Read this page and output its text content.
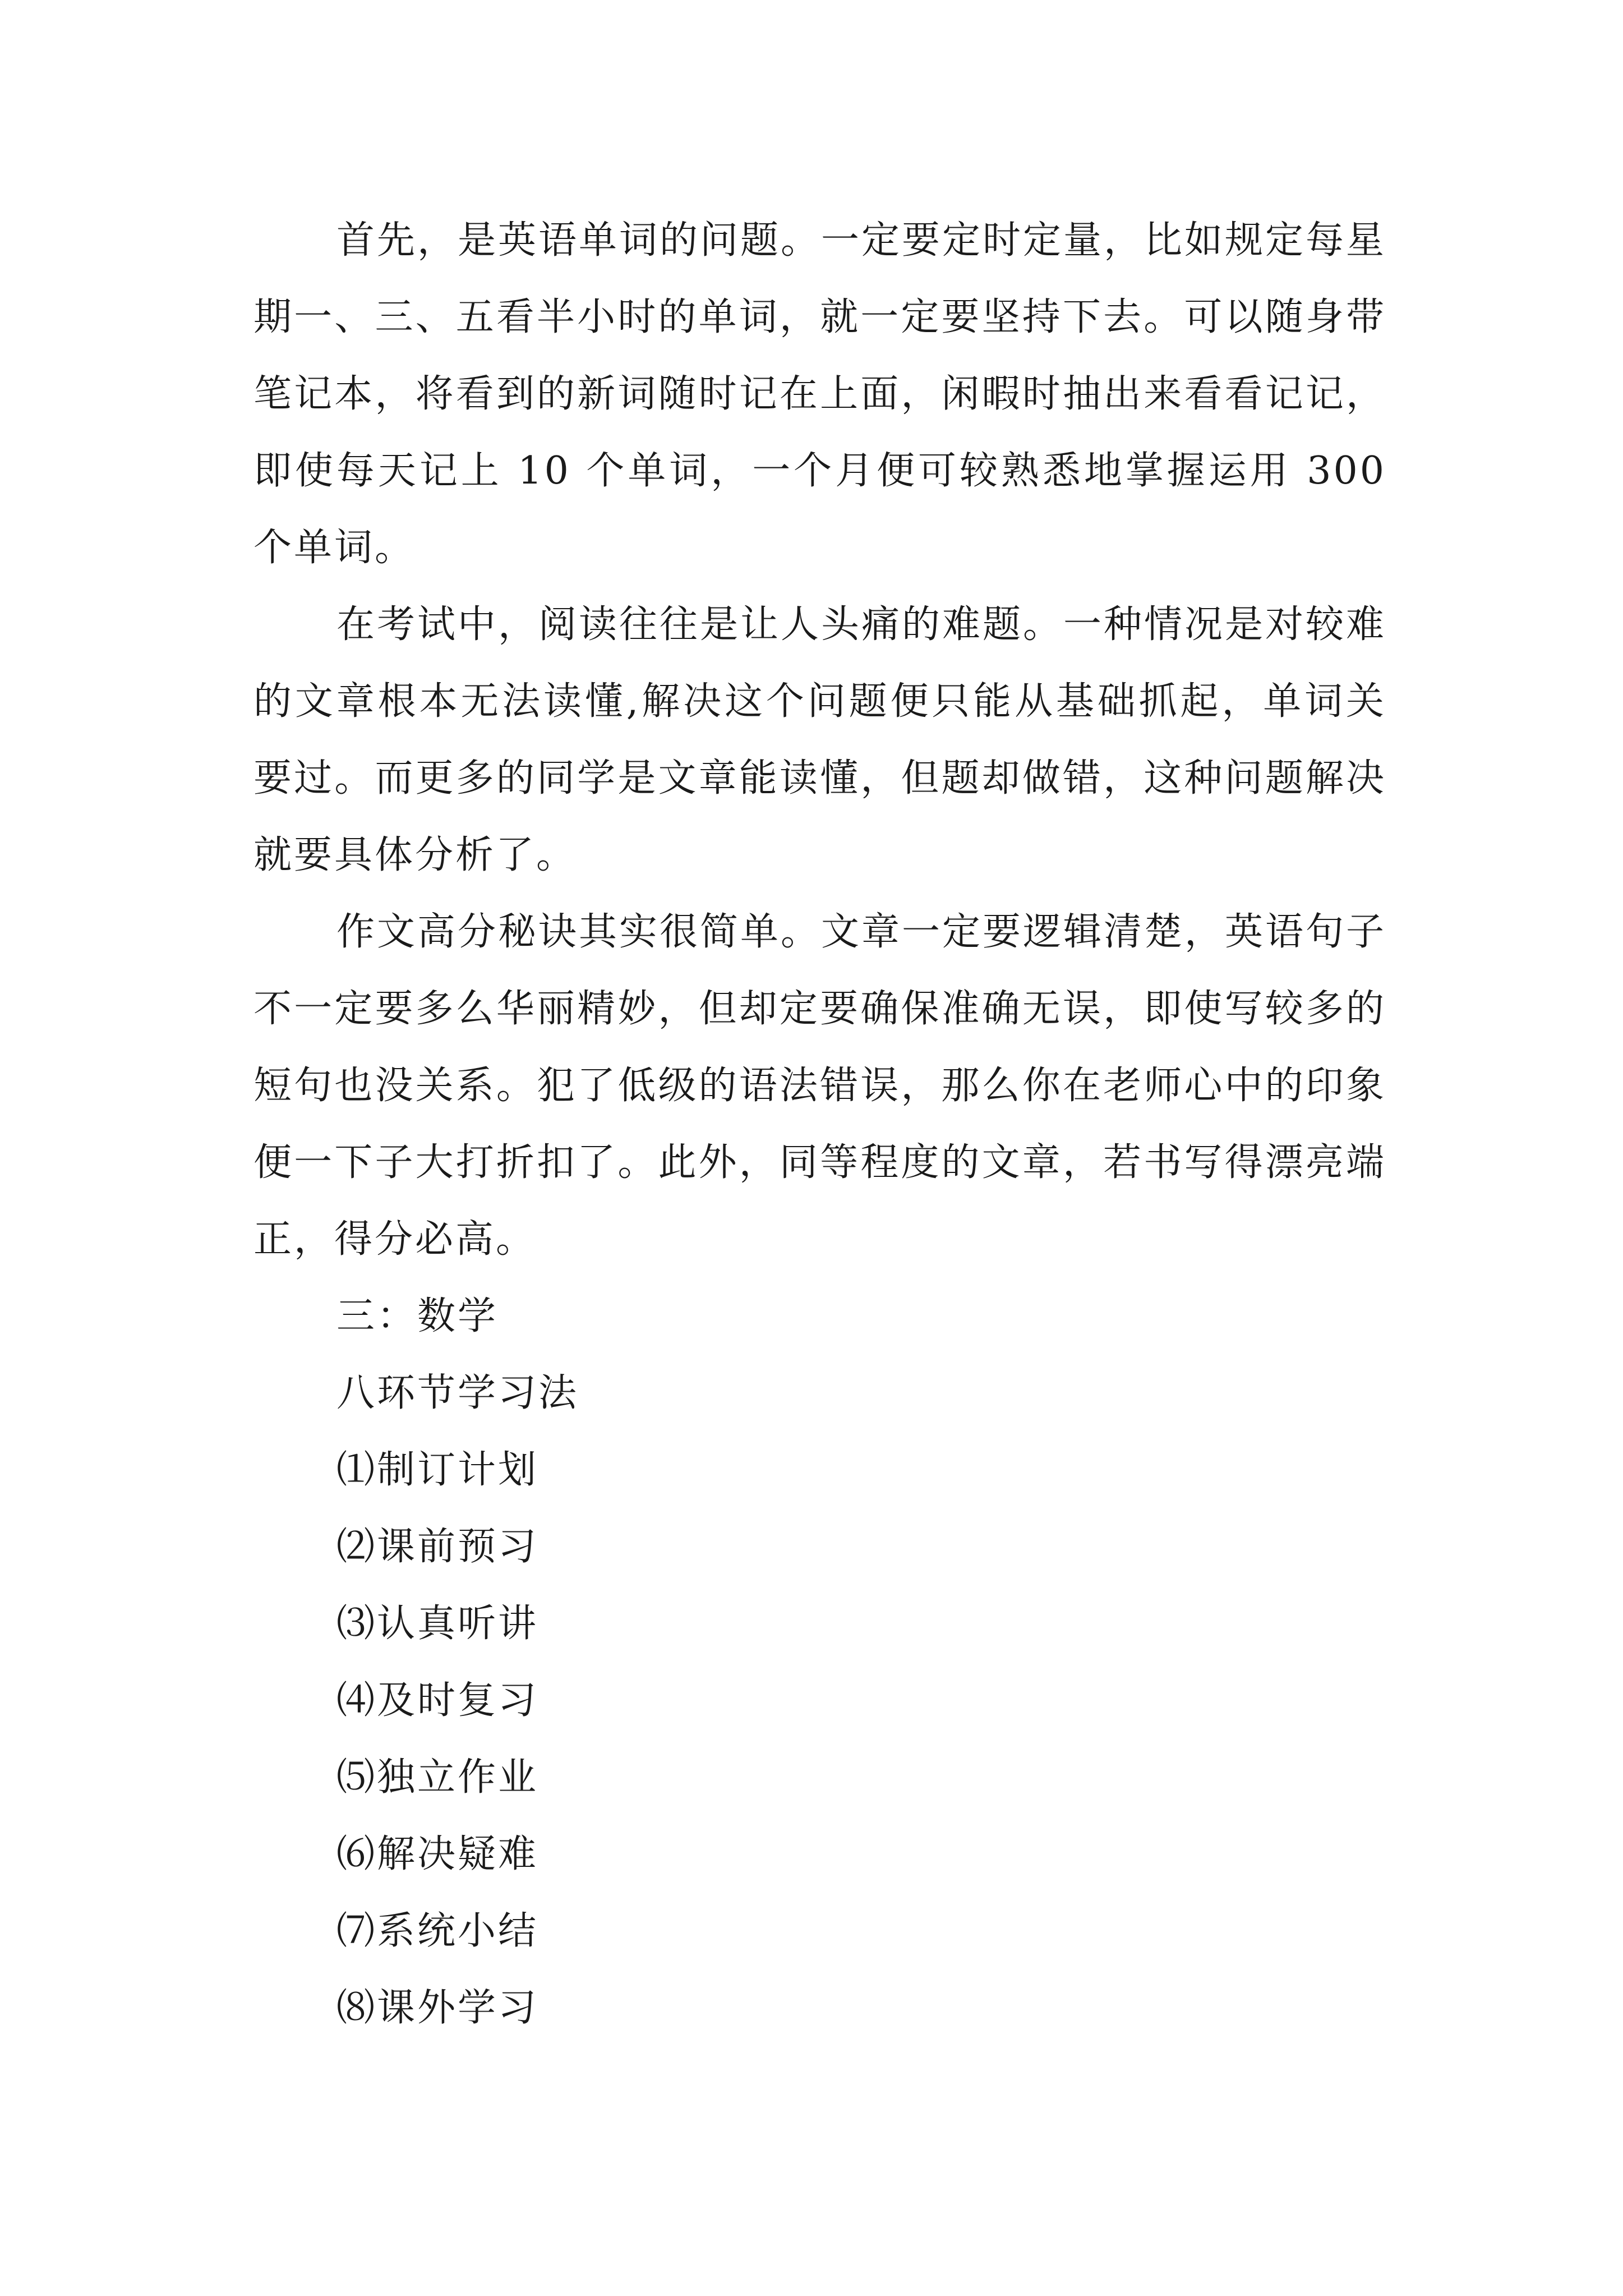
首先，是英语单词的问题。一定要定时定量，比如规定每星期一、三、五看半小时的单词，就一定要坚持下去。可以随身带笔记本，将看到的新词随时记在上面，闲暇时抽出来看看记记，即使每天记上 10 个单词，一个月便可较熟悉地掌握运用 300 个单词。

在考试中，阅读往往是让人头痛的难题。一种情况是对较难的文章根本无法读懂,解决这个问题便只能从基础抓起，单词关要过。而更多的同学是文章能读懂，但题却做错，这种问题解决就要具体分析了。

作文高分秘诀其实很简单。文章一定要逻辑清楚，英语句子不一定要多么华丽精妙，但却定要确保准确无误，即使写较多的短句也没关系。犯了低级的语法错误，那么你在老师心中的印象便一下子大打折扣了。此外，同等程度的文章，若书写得漂亮端正，得分必高。

三：数学

八环节学习法

⑴制订计划

⑵课前预习

⑶认真听讲

⑷及时复习

⑸独立作业

⑹解决疑难

⑺系统小结

⑻课外学习
